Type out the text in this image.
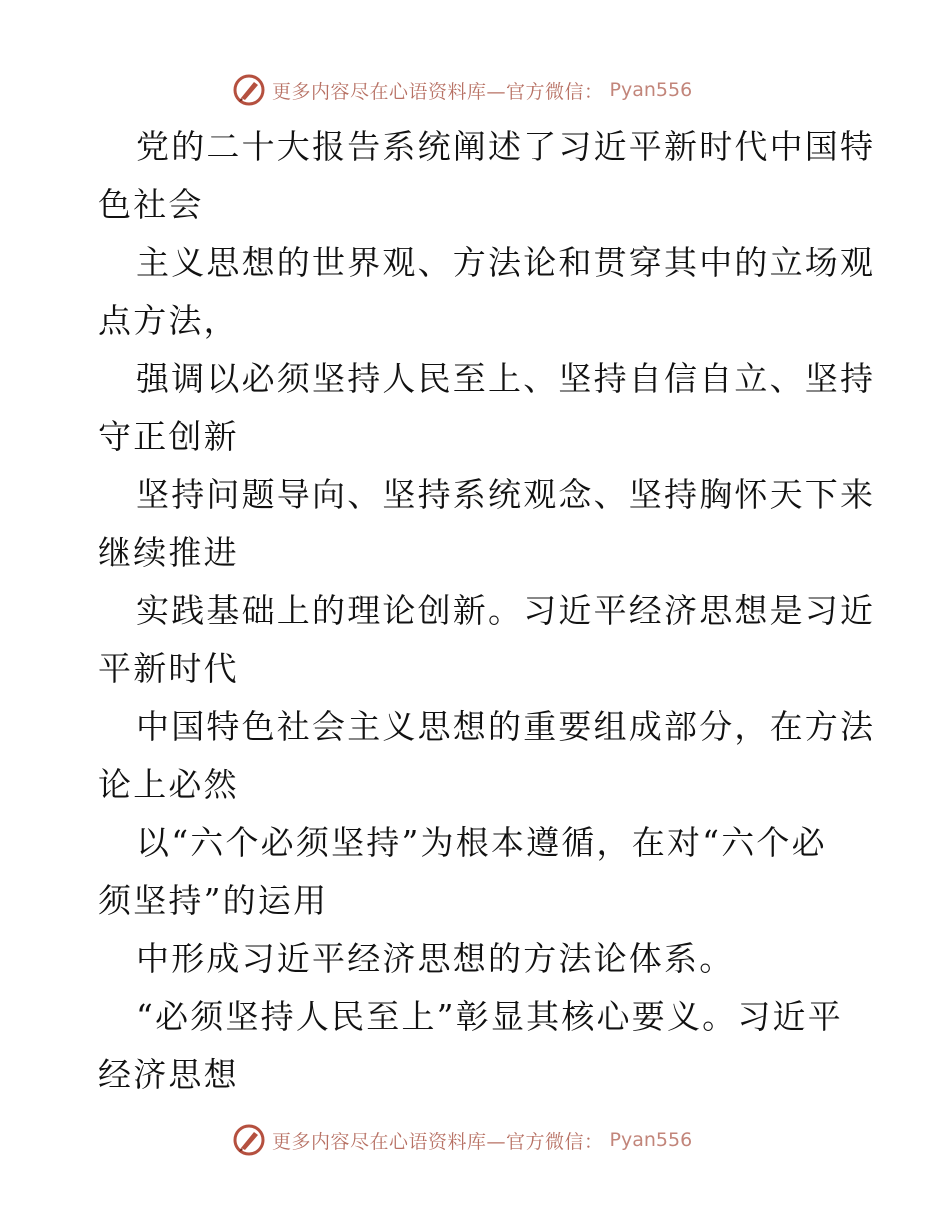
更多内容尽在心语资料库—官方微信： Pyan556
党的二十大报告系统阐述了习近平新时代中国特
色社会
主义思想的世界观、方法论和贯穿其中的立场观
点方法，
强调以必须坚持人民至上、坚持自信自立、坚持
守正创新
坚持问题导向、坚持系统观念、坚持胸怀天下来
继续推进
实践基础上的理论创新。习近平经济思想是习近
平新时代
中国特色社会主义思想的重要组成部分，在方法
论上必然
以“六个必须坚持”为根本遵循，在对“六个必
须坚持”的运用
中形成习近平经济思想的方法论体系。
“必须坚持人民至上”彰显其核心要义。习近平
经济思想
更多内容尽在心语资料库—官方微信： Pyan556
